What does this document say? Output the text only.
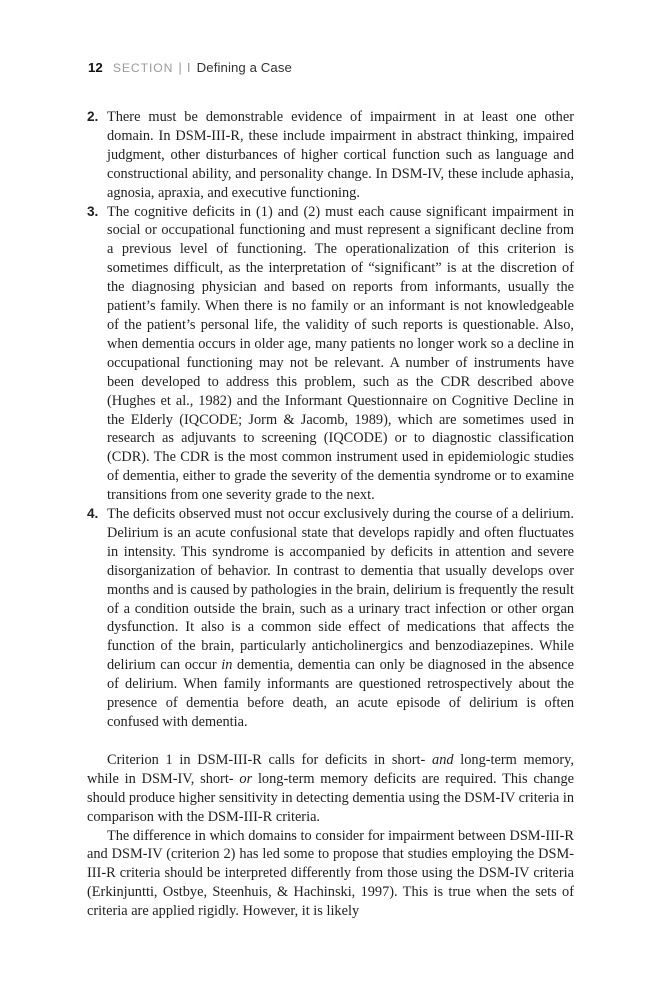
12 SECTION | I Defining a Case

2. There must be demonstrable evidence of impairment in at least one other domain. In DSM-III-R, these include impairment in abstract thinking, impaired judgment, other disturbances of higher cortical function such as language and constructional ability, and personality change. In DSM-IV, these include aphasia, agnosia, apraxia, and executive functioning.

3. The cognitive deficits in (1) and (2) must each cause significant impairment in social or occupational functioning and must represent a significant decline from a previous level of functioning. The operationalization of this criterion is sometimes difficult, as the interpretation of “significant” is at the discretion of the diagnosing physician and based on reports from informants, usually the patient’s family. When there is no family or an informant is not knowledgeable of the patient’s personal life, the validity of such reports is questionable. Also, when dementia occurs in older age, many patients no longer work so a decline in occupational functioning may not be relevant. A number of instruments have been developed to address this problem, such as the CDR described above (Hughes et al., 1982) and the Informant Questionnaire on Cognitive Decline in the Elderly (IQCODE; Jorm & Jacomb, 1989), which are sometimes used in research as adjuvants to screening (IQCODE) or to diagnostic classification (CDR). The CDR is the most common instrument used in epidemiologic studies of dementia, either to grade the severity of the dementia syndrome or to examine transitions from one severity grade to the next.

4. The deficits observed must not occur exclusively during the course of a delirium. Delirium is an acute confusional state that develops rapidly and often fluctuates in intensity. This syndrome is accompanied by deficits in attention and severe disorganization of behavior. In contrast to dementia that usually develops over months and is caused by pathologies in the brain, delirium is frequently the result of a condition outside the brain, such as a urinary tract infection or other organ dysfunction. It also is a common side effect of medications that affects the function of the brain, particularly anticholinergics and benzodiazepines. While delirium can occur in dementia, dementia can only be diagnosed in the absence of delirium. When family informants are questioned retrospectively about the presence of dementia before death, an acute episode of delirium is often confused with dementia.

Criterion 1 in DSM-III-R calls for deficits in short- and long-term memory, while in DSM-IV, short- or long-term memory deficits are required. This change should produce higher sensitivity in detecting dementia using the DSM-IV criteria in comparison with the DSM-III-R criteria.

The difference in which domains to consider for impairment between DSM-III-R and DSM-IV (criterion 2) has led some to propose that studies employing the DSM-III-R criteria should be interpreted differently from those using the DSM-IV criteria (Erkinjuntti, Ostbye, Steenhuis, & Hachinski, 1997). This is true when the sets of criteria are applied rigidly. However, it is likely
